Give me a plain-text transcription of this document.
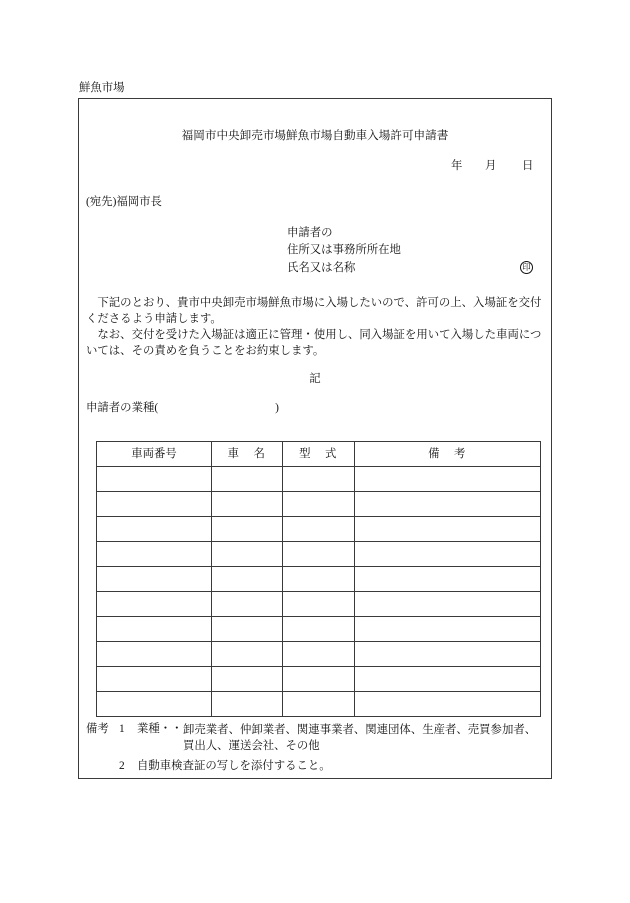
鮮魚市場
福岡市中央卸売市場鮮魚市場自動車入場許可申請書
年 月 日
(宛先)福岡市長
申請者の
住所又は事務所所在地
氏名又は名称	印
下記のとおり、貴市中央卸売市場鮮魚市場に入場したいので、許可の上、入場証を交付くださるよう申請します。
なお、交付を受けた入場証は適正に管理・使用し、同入場証を用いて入場した車両については、その責めを負うことをお約束します。
記
申請者の業種(	)
車両番号	車　名	型　式	備　考

備考 1 業種・・ 卸売業者、仲卸業者、関連事業者、関連団体、生産者、売買参加者、買出人、運送会社、その他
2 自動車検査証の写しを添付すること。
